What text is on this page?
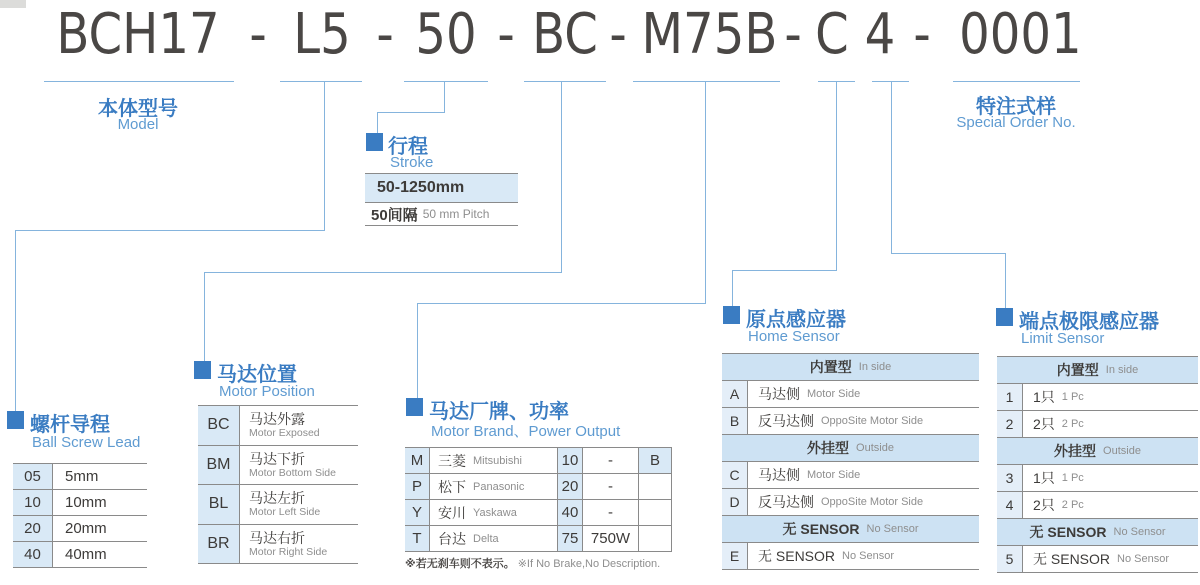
BCH17 - L5 - 50 - BC - M75B - C 4 - 0001
本体型号
Model
特注式样
Special Order No.
行程
Stroke
螺杆导程
Ball Screw Lead
马达位置
Motor Position
马达厂牌、功率
Motor Brand、Power Output
原点感应器
Home Sensor
端点极限感应器
Limit Sensor
50-1250mm
50间隔 50 mm Pitch
05	5mm
10	10mm
20	20mm
40	40mm
BC	马达外露
Motor Exposed
BM	马达下折
Motor Bottom Side
BL	马达左折
Motor Left Side
BR	马达右折
Motor Right Side
M	三菱 Mitsubishi	10	-	B
P	松下 Panasonic 20	-
Y	安川 Yaskawa	40	-
T	台达 Delta	75 750W
※若无刹车则不表示。 ※If No Brake,No Description.
内置型 In side
A	马达侧 Motor Side
B	反马达侧 OppoSite Motor Side
外挂型 Outside
C	马达侧 Motor Side
D	反马达侧 OppoSite Motor Side
无 SENSOR No Sensor
E	无 SENSOR No Sensor
内置型 In side
1	1只 1 Pc
2	2只 2 Pc
外挂型 Outside
3	1只 1 Pc
4	2只 2 Pc
无 SENSOR No Sensor
5	无 SENSOR No Sensor
